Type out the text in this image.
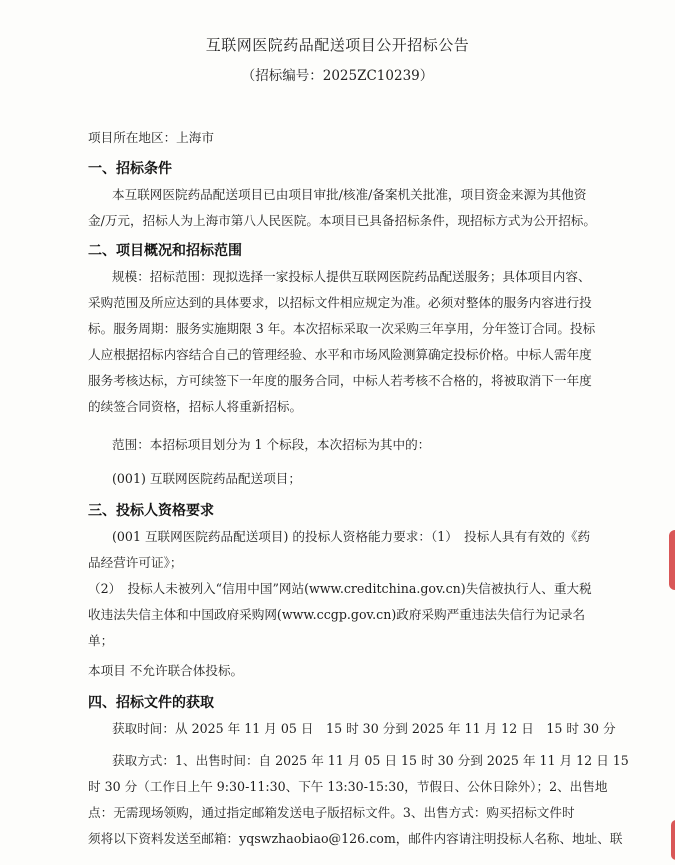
互联网医院药品配送项目公开招标公告
（招标编号：2025ZC10239）
项目所在地区：上海市
一、招标条件
本互联网医院药品配送项目已由项目审批/核准/备案机关批准，项目资金来源为其他资
金/万元，招标人为上海市第八人民医院。本项目已具备招标条件，现招标方式为公开招标。
二、项目概况和招标范围
规模：招标范围：现拟选择一家投标人提供互联网医院药品配送服务；具体项目内容、
采购范围及所应达到的具体要求，以招标文件相应规定为准。必须对整体的服务内容进行投
标。服务周期：服务实施期限 3 年。本次招标采取一次采购三年享用，分年签订合同。投标
人应根据招标内容结合自己的管理经验、水平和市场风险测算确定投标价格。中标人需年度
服务考核达标，方可续签下一年度的服务合同，中标人若考核不合格的，将被取消下一年度
的续签合同资格，招标人将重新招标。
范围：本招标项目划分为 1 个标段，本次招标为其中的：
(001) 互联网医院药品配送项目；
三、投标人资格要求
(001 互联网医院药品配送项目) 的投标人资格能力要求：（1）　投标人具有有效的《药
品经营许可证》；
（2）　投标人未被列入“信用中国”网站(www.creditchina.gov.cn)失信被执行人、重大税
收违法失信主体和中国政府采购网(www.ccgp.gov.cn)政府采购严重违法失信行为记录名
单；
本项目 不允许联合体投标。
四、招标文件的获取
获取时间：从 2025 年 11 月 05 日　15 时 30 分到 2025 年 11 月 12 日　15 时 30 分
获取方式：1、出售时间：自 2025 年 11 月 05 日 15 时 30 分到 2025 年 11 月 12 日 15
时 30 分（工作日上午 9:30-11:30、下午 13:30-15:30，节假日、公休日除外）；2、出售地
点：无需现场领购，通过指定邮箱发送电子版招标文件。3、出售方式：购买招标文件时
须将以下资料发送至邮箱：yqswzhaobiao@126.com，邮件内容请注明投标人名称、地址、联
